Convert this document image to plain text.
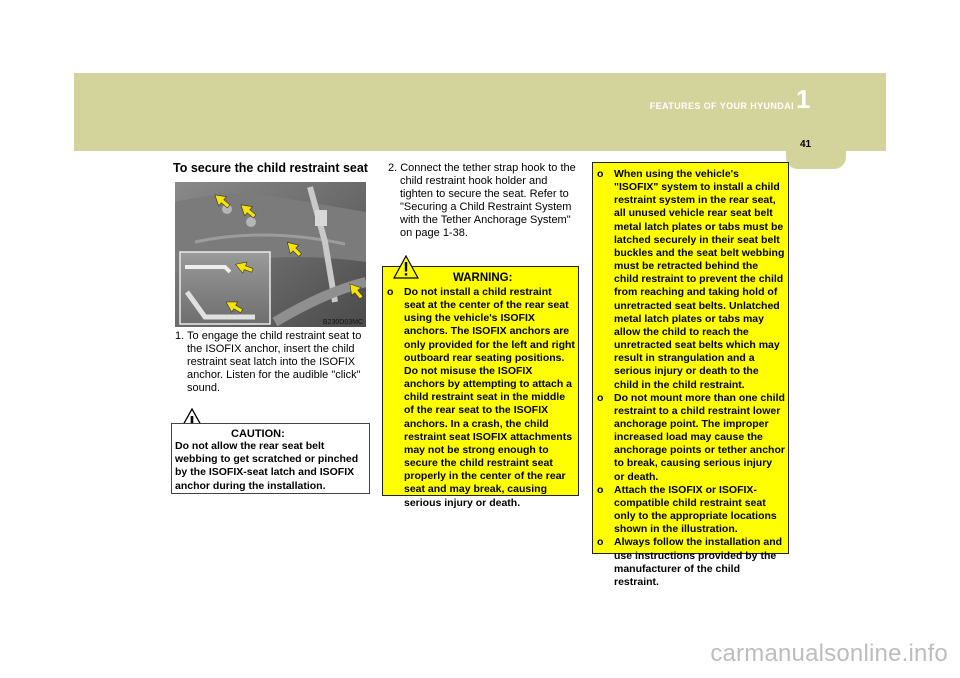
FEATURES OF YOUR HYUNDAI 1
41
To secure the child restraint seat
B230D03MC
1. To engage the child restraint seat to the ISOFIX anchor, insert the child restraint seat latch into the ISOFIX anchor. Listen for the audible "click" sound.
CAUTION:
Do not allow the rear seat belt webbing to get scratched or pinched by the ISOFIX-seat latch and ISOFIX anchor during the installation.
2. Connect the tether strap hook to the child restraint hook holder and tighten to secure the seat. Refer to "Securing a Child Restraint System with the Tether Anchorage System" on page 1-38.
WARNING:
o Do not install a child restraint seat at the center of the rear seat using the vehicle's ISOFIX anchors. The ISOFIX anchors are only provided for the left and right outboard rear seating positions. Do not misuse the ISOFIX anchors by attempting to attach a child restraint seat in the middle of the rear seat to the ISOFIX anchors. In a crash, the child restraint seat ISOFIX attachments may not be strong enough to secure the child restraint seat properly in the center of the rear seat and may break, causing serious injury or death.
o When using the vehicle's "ISOFIX" system to install a child restraint system in the rear seat, all unused vehicle rear seat belt metal latch plates or tabs must be latched securely in their seat belt buckles and the seat belt webbing must be retracted behind the child restraint to prevent the child from reaching and taking hold of unretracted seat belts. Unlatched metal latch plates or tabs may allow the child to reach the unretracted seat belts which may result in strangulation and a serious injury or death to the child in the child restraint.
o Do not mount more than one child restraint to a child restraint lower anchorage point. The improper increased load may cause the anchorage points or tether anchor to break, causing serious injury or death.
o Attach the ISOFIX or ISOFIX-compatible child restraint seat only to the appropriate locations shown in the illustration.
o Always follow the installation and use instructions provided by the manufacturer of the child restraint.
carmanualsonline.info
